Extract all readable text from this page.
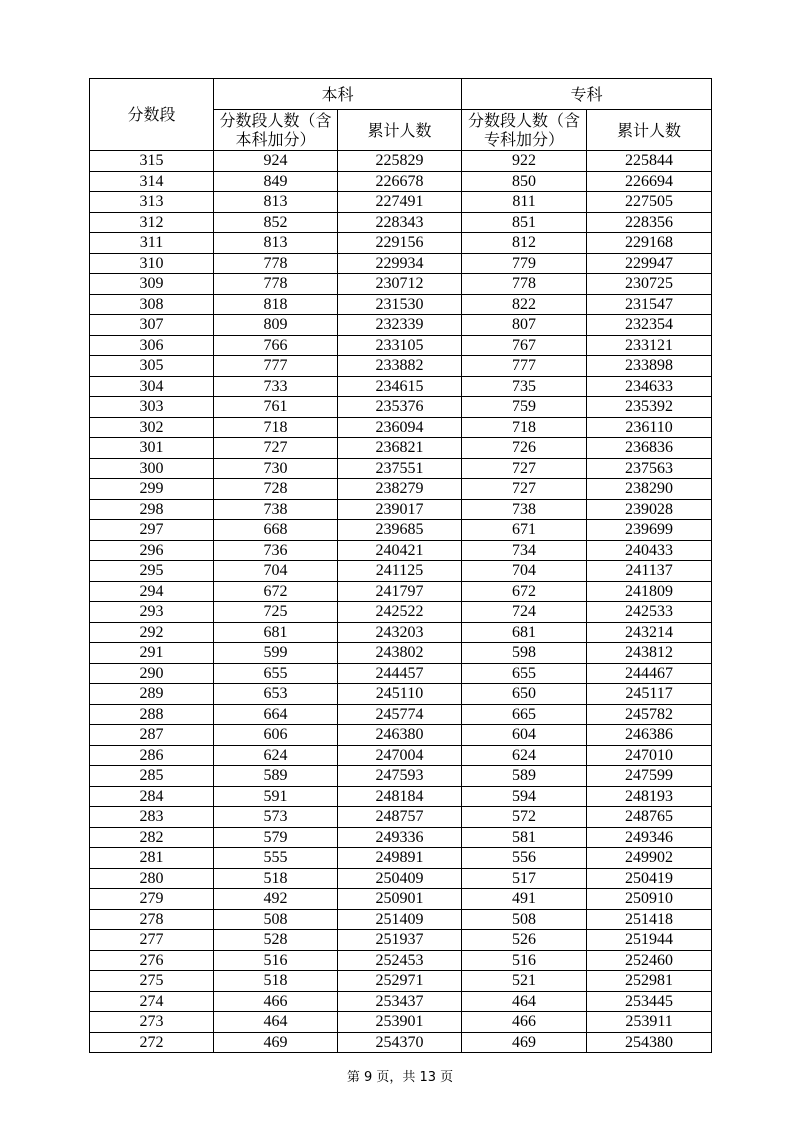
分数段	本科		专科	

	分数段人数（含本科加分）	累计人数	分数段人数（含专科加分）	累计人数
315	924	225829	922	225844
314	849	226678	850	226694
313	813	227491	811	227505
312	852	228343	851	228356
311	813	229156	812	229168
310	778	229934	779	229947
309	778	230712	778	230725
308	818	231530	822	231547
307	809	232339	807	232354
306	766	233105	767	233121
305	777	233882	777	233898
304	733	234615	735	234633
303	761	235376	759	235392
302	718	236094	718	236110
301	727	236821	726	236836
300	730	237551	727	237563
299	728	238279	727	238290
298	738	239017	738	239028
297	668	239685	671	239699
296	736	240421	734	240433
295	704	241125	704	241137
294	672	241797	672	241809
293	725	242522	724	242533
292	681	243203	681	243214
291	599	243802	598	243812
290	655	244457	655	244467
289	653	245110	650	245117
288	664	245774	665	245782
287	606	246380	604	246386
286	624	247004	624	247010
285	589	247593	589	247599
284	591	248184	594	248193
283	573	248757	572	248765
282	579	249336	581	249346
281	555	249891	556	249902
280	518	250409	517	250419
279	492	250901	491	250910
278	508	251409	508	251418
277	528	251937	526	251944
276	516	252453	516	252460
275	518	252971	521	252981
274	466	253437	464	253445
273	464	253901	466	253911
272	469	254370	469	254380
第 9 页，共 13 页
